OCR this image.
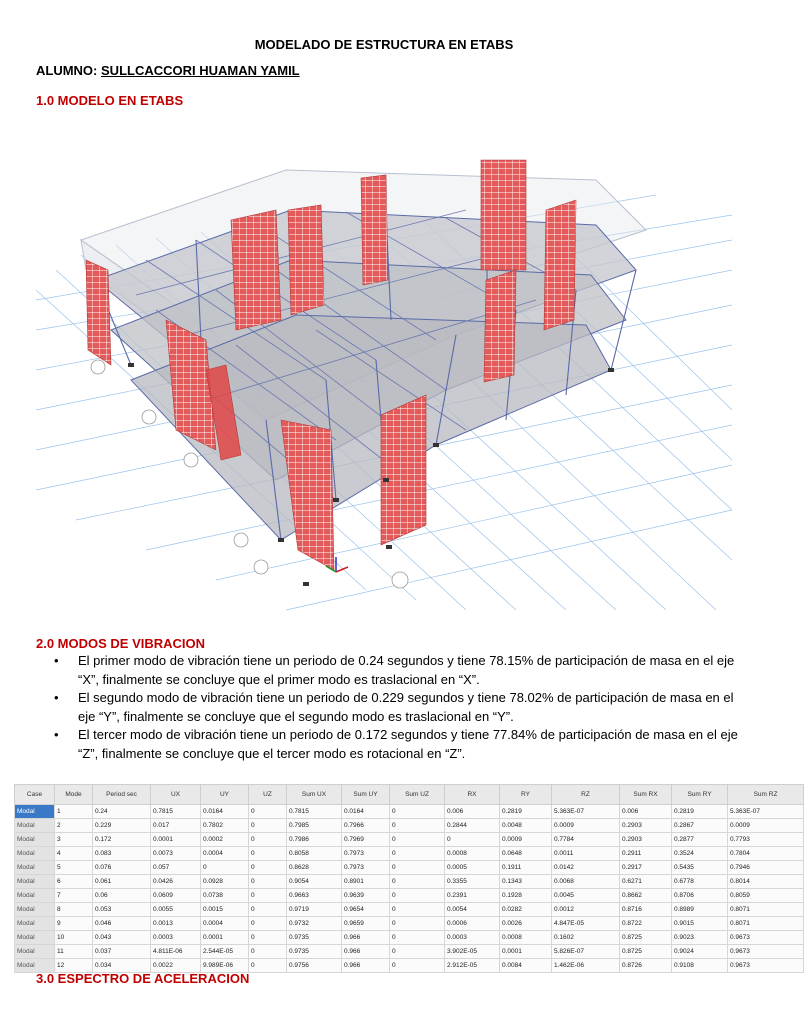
MODELADO DE ESTRUCTURA EN ETABS
ALUMNO: SULLCACCORI HUAMAN YAMIL
1.0 MODELO EN ETABS
2.0 MODOS DE VIBRACION
• El primer modo de vibración tiene un periodo de 0.24 segundos y tiene 78.15% de participación de masa en el eje “X”, finalmente se concluye que el primer modo es traslacional en “X”.
• El segundo modo de vibración tiene un periodo de 0.229 segundos y tiene 78.02% de participación de masa en el eje “Y”, finalmente se concluye que el segundo modo es traslacional en “Y”.
• El tercer modo de vibración tiene un periodo de 0.172 segundos y tiene 77.84% de participación de masa en el eje “Z”, finalmente se concluye que el tercer modo es rotacional en “Z”.
Case	Mode	Period sec	UX	UY	UZ	Sum UX	Sum UY	Sum UZ	RX	RY	RZ	Sum RX	Sum RY	Sum RZ
Modal	1	0.24	0.7815	0.0164	0	0.7815	0.0164	0	0.006	0.2819	5.363E-07	0.006	0.2819	5.363E-07
Modal	2	0.229	0.017	0.7802	0	0.7985	0.7966	0	0.2844	0.0048	0.0009	0.2903	0.2867	0.0009
Modal	3	0.172	0.0001	0.0002	0	0.7986	0.7969	0	0	0.0009	0.7784	0.2903	0.2877	0.7793
Modal	4	0.083	0.0073	0.0004	0	0.8058	0.7973	0	0.0008	0.0648	0.0011	0.2911	0.3524	0.7804
Modal	5	0.076	0.057	0	0	0.8628	0.7973	0	0.0005	0.1911	0.0142	0.2917	0.5435	0.7946
Modal	6	0.061	0.0426	0.0928	0	0.9054	0.8901	0	0.3355	0.1343	0.0068	0.6271	0.6778	0.8014
Modal	7	0.06	0.0609	0.0738	0	0.9663	0.9639	0	0.2391	0.1928	0.0045	0.8662	0.8706	0.8059
Modal	8	0.053	0.0055	0.0015	0	0.9719	0.9654	0	0.0054	0.0282	0.0012	0.8716	0.8989	0.8071
Modal	9	0.046	0.0013	0.0004	0	0.9732	0.9659	0	0.0006	0.0026	4.847E-05	0.8722	0.9015	0.8071
Modal	10	0.043	0.0003	0.0001	0	0.9735	0.966	0	0.0003	0.0008	0.1602	0.8725	0.9023	0.9673
Modal	11	0.037	4.811E-06	2.544E-05	0	0.9735	0.966	0	3.902E-05	0.0001	5.826E-07	0.8725	0.9024	0.9673
Modal	12	0.034	0.0022	9.989E-06	0	0.9756	0.966	0	2.912E-05	0.0084	1.462E-06	0.8726	0.9108	0.9673
3.0 ESPECTRO DE ACELERACION
